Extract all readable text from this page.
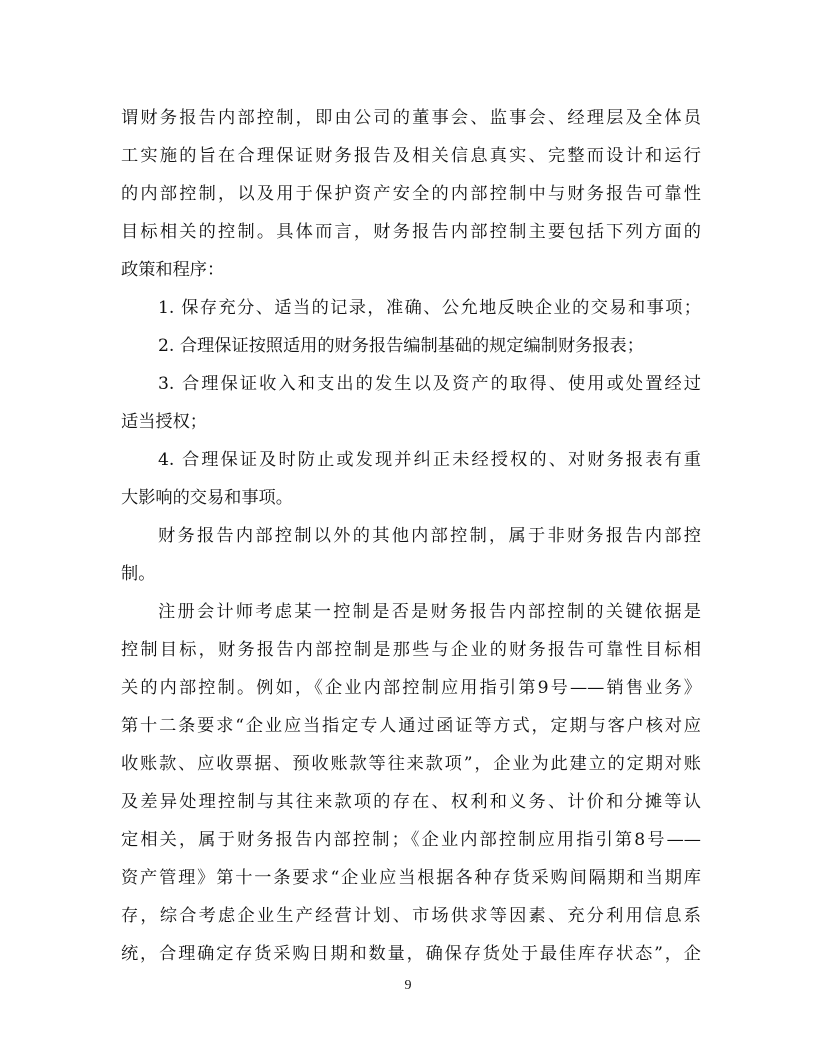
谓财务报告内部控制，即由公司的董事会、监事会、经理层及全体员
工实施的旨在合理保证财务报告及相关信息真实、完整而设计和运行
的内部控制，以及用于保护资产安全的内部控制中与财务报告可靠性
目标相关的控制。具体而言，财务报告内部控制主要包括下列方面的
政策和程序：
1. 保存充分、适当的记录，准确、公允地反映企业的交易和事项；
2. 合理保证按照适用的财务报告编制基础的规定编制财务报表；
3. 合理保证收入和支出的发生以及资产的取得、使用或处置经过
适当授权；
4. 合理保证及时防止或发现并纠正未经授权的、对财务报表有重
大影响的交易和事项。
财务报告内部控制以外的其他内部控制，属于非财务报告内部控
制。
注册会计师考虑某一控制是否是财务报告内部控制的关键依据是
控制目标，财务报告内部控制是那些与企业的财务报告可靠性目标相
关的内部控制。例如，《企业内部控制应用指引第9号——销售业务》
第十二条要求“企业应当指定专人通过函证等方式，定期与客户核对应
收账款、应收票据、预收账款等往来款项”，企业为此建立的定期对账
及差异处理控制与其往来款项的存在、权利和义务、计价和分摊等认
定相关，属于财务报告内部控制；《企业内部控制应用指引第8号——
资产管理》第十一条要求“企业应当根据各种存货采购间隔期和当期库
存，综合考虑企业生产经营计划、市场供求等因素、充分利用信息系
统，合理确定存货采购日期和数量，确保存货处于最佳库存状态”，企
9
